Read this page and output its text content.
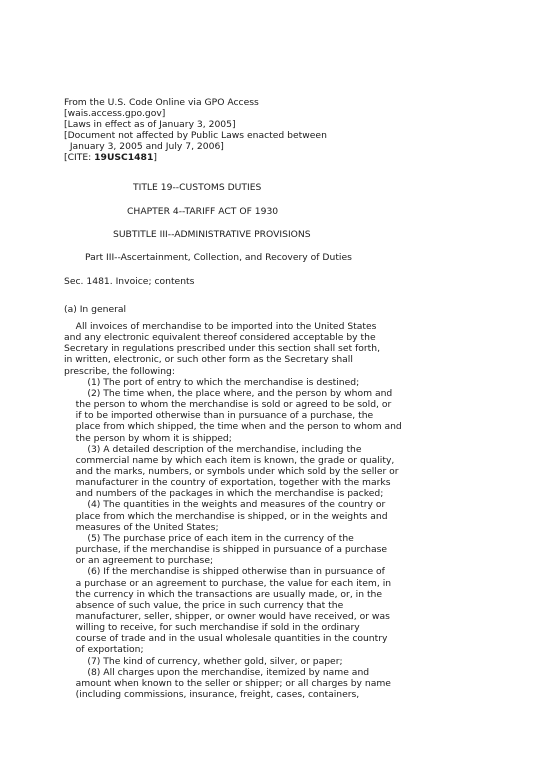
From the U.S. Code Online via GPO Access
[wais.access.gpo.gov]
[Laws in effect as of January 3, 2005]
[Document not affected by Public Laws enacted between
January 3, 2005 and July 7, 2006]
[CITE: 19USC1481]
TITLE 19--CUSTOMS DUTIES
CHAPTER 4--TARIFF ACT OF 1930
SUBTITLE III--ADMINISTRATIVE PROVISIONS
Part III--Ascertainment, Collection, and Recovery of Duties
Sec. 1481. Invoice; contents
(a) In general
All invoices of merchandise to be imported into the United States
and any electronic equivalent thereof considered acceptable by the
Secretary in regulations prescribed under this section shall set forth,
in written, electronic, or such other form as the Secretary shall
prescribe, the following:
(1) The port of entry to which the merchandise is destined;
(2) The time when, the place where, and the person by whom and
the person to whom the merchandise is sold or agreed to be sold, or
if to be imported otherwise than in pursuance of a purchase, the
place from which shipped, the time when and the person to whom and
the person by whom it is shipped;
(3) A detailed description of the merchandise, including the
commercial name by which each item is known, the grade or quality,
and the marks, numbers, or symbols under which sold by the seller or
manufacturer in the country of exportation, together with the marks
and numbers of the packages in which the merchandise is packed;
(4) The quantities in the weights and measures of the country or
place from which the merchandise is shipped, or in the weights and
measures of the United States;
(5) The purchase price of each item in the currency of the
purchase, if the merchandise is shipped in pursuance of a purchase
or an agreement to purchase;
(6) If the merchandise is shipped otherwise than in pursuance of
a purchase or an agreement to purchase, the value for each item, in
the currency in which the transactions are usually made, or, in the
absence of such value, the price in such currency that the
manufacturer, seller, shipper, or owner would have received, or was
willing to receive, for such merchandise if sold in the ordinary
course of trade and in the usual wholesale quantities in the country
of exportation;
(7) The kind of currency, whether gold, silver, or paper;
(8) All charges upon the merchandise, itemized by name and
amount when known to the seller or shipper; or all charges by name
(including commissions, insurance, freight, cases, containers,
